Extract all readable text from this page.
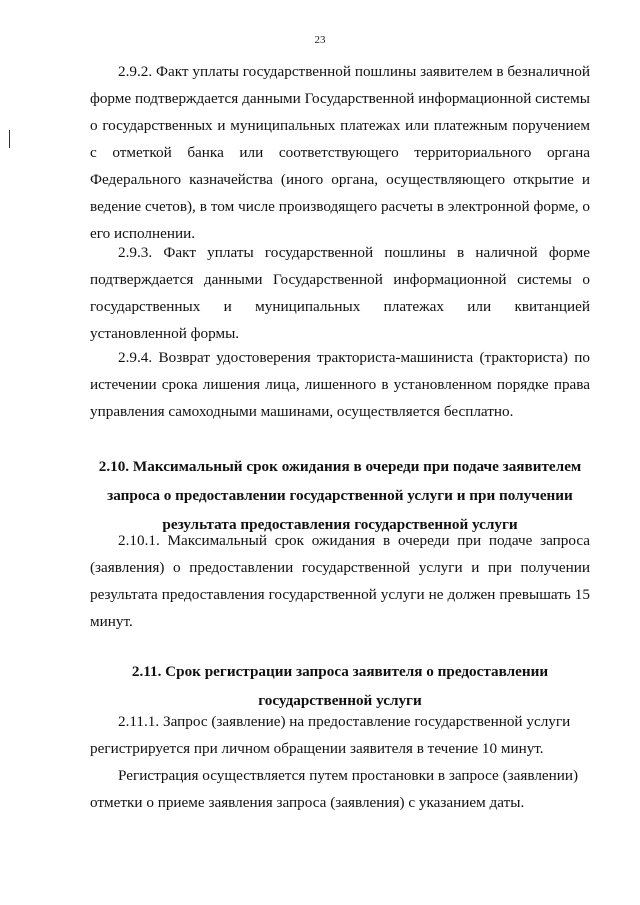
23

2.9.2. Факт уплаты государственной пошлины заявителем в безналичной форме подтверждается данными Государственной информационной системы о государственных и муниципальных платежах или платежным поручением с отметкой банка или соответствующего территориального органа Федерального казначейства (иного органа, осуществляющего открытие и ведение счетов), в том числе производящего расчеты в электронной форме, о его исполнении.

2.9.3. Факт уплаты государственной пошлины в наличной форме подтверждается данными Государственной информационной системы о государственных и муниципальных платежах или квитанцией установленной формы.

2.9.4. Возврат удостоверения тракториста-машиниста (тракториста) по истечении срока лишения лица, лишенного в установленном порядке права управления самоходными машинами, осуществляется бесплатно.

2.10. Максимальный срок ожидания в очереди при подаче заявителем запроса о предоставлении государственной услуги и при получении результата предоставления государственной услуги

2.10.1. Максимальный срок ожидания в очереди при подаче запроса (заявления) о предоставлении государственной услуги и при получении результата предоставления государственной услуги не должен превышать 15 минут.

2.11. Срок регистрации запроса заявителя о предоставлении государственной услуги

2.11.1. Запрос (заявление) на предоставление государственной услуги регистрируется при личном обращении заявителя в течение 10 минут.

Регистрация осуществляется путем простановки в запросе (заявлении) отметки о приеме заявления запроса (заявления) с указанием даты.
